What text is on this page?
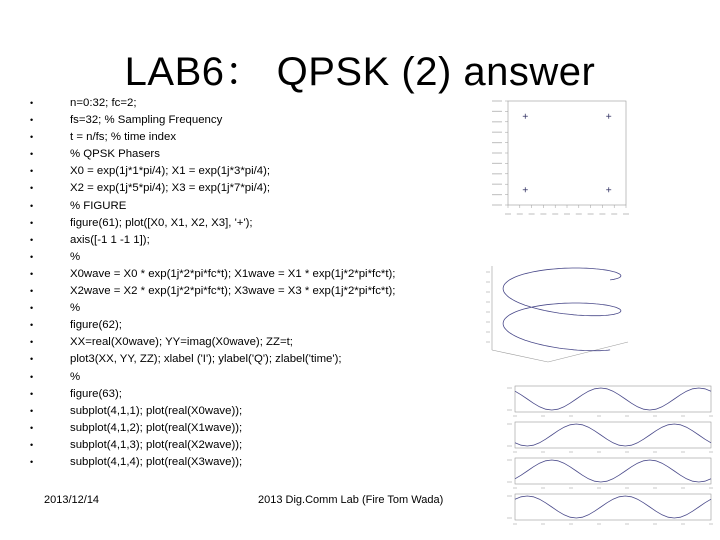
LAB6： QPSK (2) answer
•	n=0:32; fc=2;
•	fs=32; % Sampling Frequency
•	t = n/fs; % time index
•	% QPSK Phasers
•	X0 = exp(1j*1*pi/4); X1 = exp(1j*3*pi/4);
•	X2 = exp(1j*5*pi/4); X3 = exp(1j*7*pi/4);
•	% FIGURE
•	figure(61); plot([X0, X1, X2, X3], '+');
•	axis([-1 1 -1 1]);
•	%
•	X0wave = X0 * exp(1j*2*pi*fc*t); X1wave = X1 * exp(1j*2*pi*fc*t);
•	X2wave = X2 * exp(1j*2*pi*fc*t); X3wave = X3 * exp(1j*2*pi*fc*t);
•	%
•	figure(62);
•	XX=real(X0wave); YY=imag(X0wave); ZZ=t;
•	plot3(XX, YY, ZZ); xlabel ('I'); ylabel('Q'); zlabel('time');
•	%
•	figure(63);
•	subplot(4,1,1); plot(real(X0wave));
•	subplot(4,1,2); plot(real(X1wave));
•	subplot(4,1,3); plot(real(X2wave));
•	subplot(4,1,4); plot(real(X3wave));
2013/12/14	2013 Dig.Comm Lab (Fire Tom Wada)
